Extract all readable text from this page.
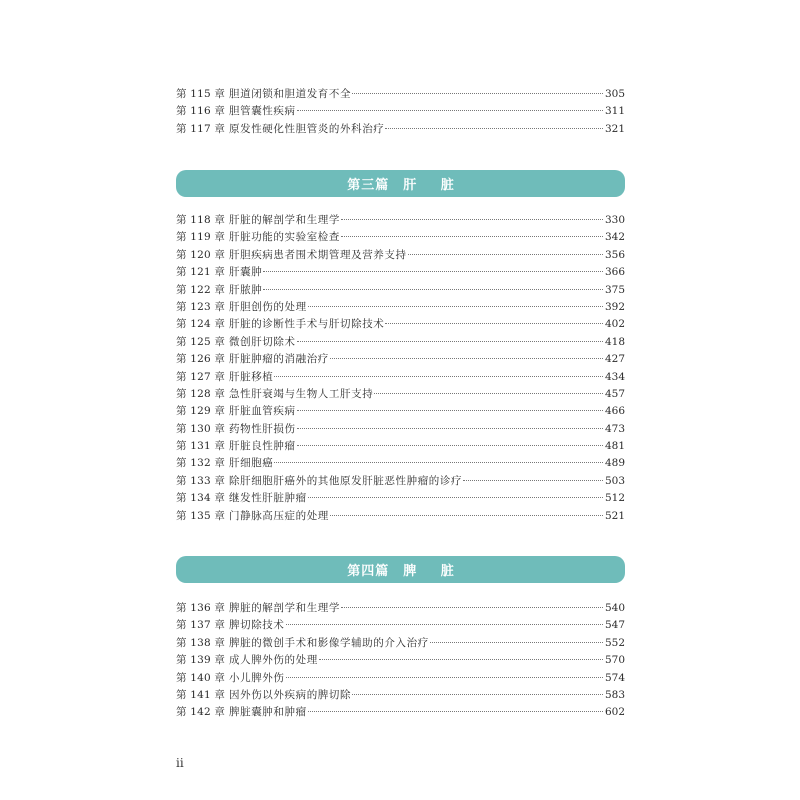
第 115 章 胆道闭锁和胆道发育不全	305
第 116 章 胆管囊性疾病	311
第 117 章 原发性硬化性胆管炎的外科治疗	321
第三篇 肝 脏
第 118 章 肝脏的解剖学和生理学	330
第 119 章 肝脏功能的实验室检查	342
第 120 章 肝胆疾病患者围术期管理及营养支持	356
第 121 章 肝囊肿	366
第 122 章 肝脓肿	375
第 123 章 肝胆创伤的处理	392
第 124 章 肝脏的诊断性手术与肝切除技术	402
第 125 章 微创肝切除术	418
第 126 章 肝脏肿瘤的消融治疗	427
第 127 章 肝脏移植	434
第 128 章 急性肝衰竭与生物人工肝支持	457
第 129 章 肝脏血管疾病	466
第 130 章 药物性肝损伤	473
第 131 章 肝脏良性肿瘤	481
第 132 章 肝细胞癌	489
第 133 章 除肝细胞肝癌外的其他原发肝脏恶性肿瘤的诊疗	503
第 134 章 继发性肝脏肿瘤	512
第 135 章 门静脉高压症的处理	521
第四篇 脾 脏
第 136 章 脾脏的解剖学和生理学	540
第 137 章 脾切除技术	547
第 138 章 脾脏的微创手术和影像学辅助的介入治疗	552
第 139 章 成人脾外伤的处理	570
第 140 章 小儿脾外伤	574
第 141 章 因外伤以外疾病的脾切除	583
第 142 章 脾脏囊肿和肿瘤	602
ii
